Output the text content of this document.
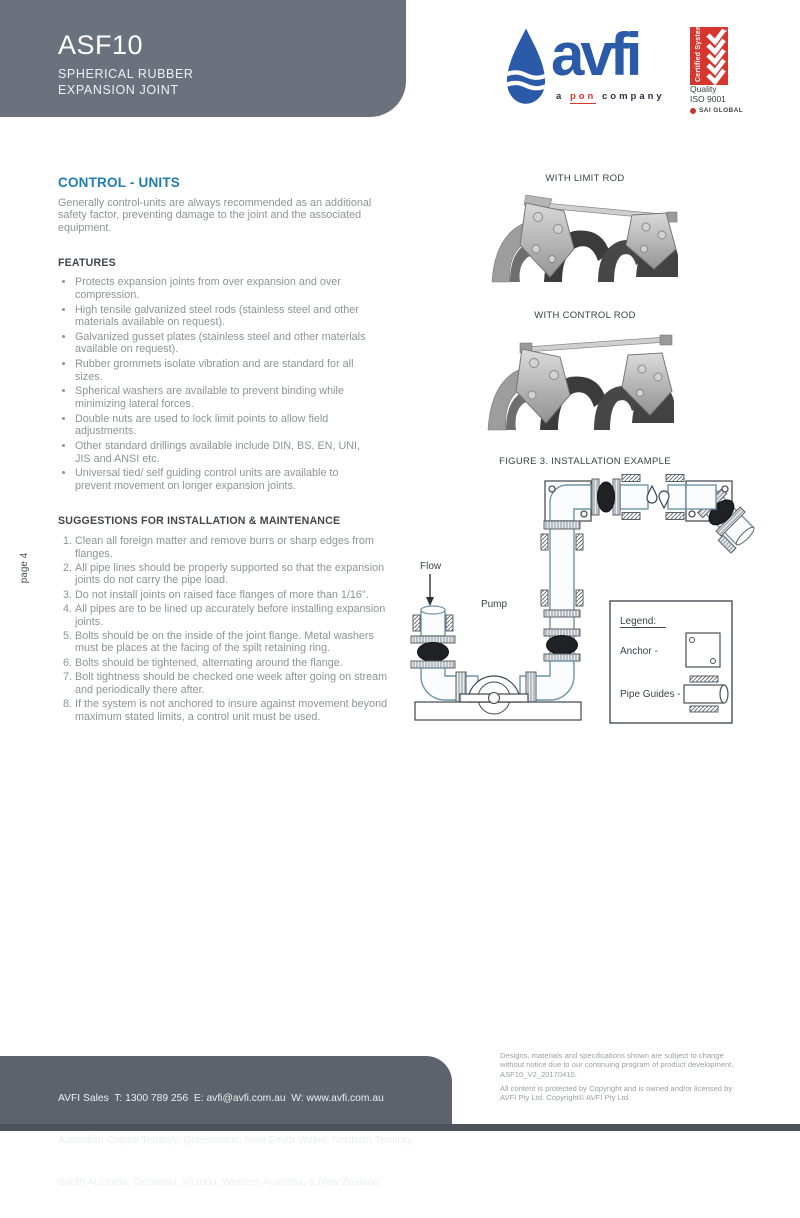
ASF10
SPHERICAL RUBBER
EXPANSION JOINT
avfi
a pon company
Certified System	TM
Quality
ISO 9001
SAI GLOBAL
CONTROL - UNITS

Generally control-units are always recommended as an additional safety factor, preventing damage to the joint and the associated equipment.

FEATURES
• Protects expansion joints from over expansion and over compression.
• High tensile galvanized steel rods (stainless steel and other materials available on request).
• Galvanized gusset plates (stainless steel and other materials available on request).
• Rubber grommets isolate vibration and are standard for all sizes.
• Spherical washers are available to prevent binding while minimizing lateral forces.
• Double nuts are used to lock limit points to allow field adjustments.
• Other standard drillings available include DIN, BS, EN, UNI, JIS and ANSI etc.
• Universal tied/ self guiding control units are available to prevent movement on longer expansion joints.
SUGGESTIONS FOR INSTALLATION & MAINTENANCE
1. Clean all foreign matter and remove burrs or sharp edges from flanges.
2. All pipe lines should be properly supported so that the expansion joints do not carry the pipe load.
3. Do not install joints on raised face flanges of more than 1/16".
4. All pipes are to be lined up accurately before installing expansion joints.
5. Bolts should be on the inside of the joint flange. Metal washers must be places at the facing of the spilt retaining ring.
6. Bolts should be tightened, alternating around the flange.
7. Bolt tightness should be checked one week after going on stream and periodically there after.
8. If the system is not anchored to insure against movement beyond maximum stated limits, a control unit must be used.
WITH LIMIT ROD
WITH CONTROL ROD
FIGURE 3. INSTALLATION EXAMPLE
Flow
Pump
Legend:
Anchor -
Pipe Guides -
page 4

AVFI Sales  T: 1300 789 256  E: avfi@avfi.com.au  W: www.avfi.com.au

Australian Capital Territory, Queensland, New South Wales, Northern Territory,

South Australia, Tasmania, Victoria, Western Australia, & New Zealand

Designs, materials and specifications shown are subject to change without notice due to our continuing program of product development. ASF10_V2_20170410.

All content is protected by Copyright and is owned and/or licensed by AVFI Pty Ltd. Copyright© AVFI Pty Ltd.
